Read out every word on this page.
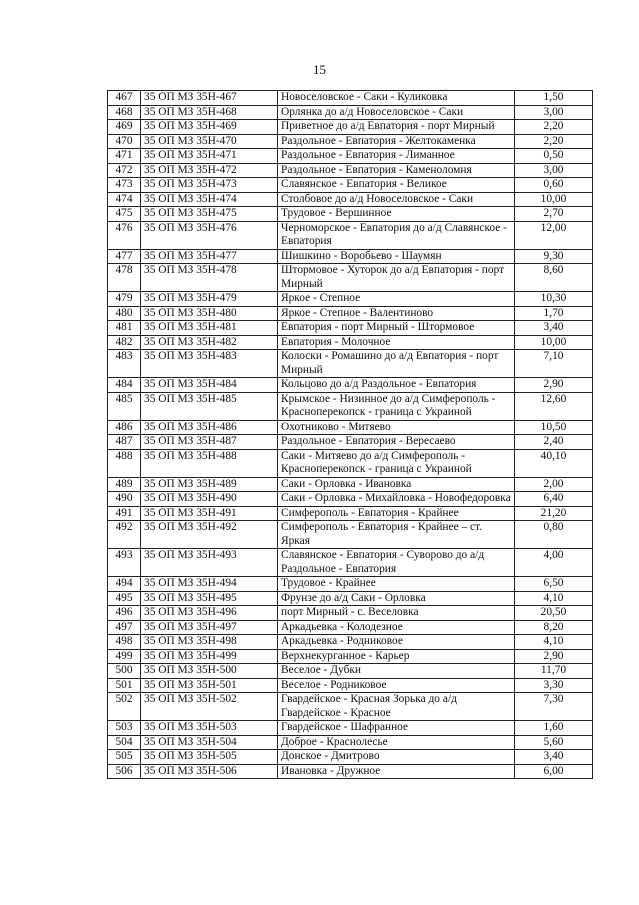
15
467	35 ОП МЗ 35Н-467	Новоселовское - Саки - Куликовка	1,50
468	35 ОП МЗ 35Н-468	Орлянка до а/д Новоселовское - Саки	3,00
469	35 ОП МЗ 35Н-469	Приветное до а/д Евпатория - порт Мирный	2,20
470	35 ОП МЗ 35Н-470	Раздольное - Евпатория - Желтокаменка	2,20
471	35 ОП МЗ 35Н-471	Раздольное - Евпатория - Лиманное	0,50
472	35 ОП МЗ 35Н-472	Раздольное - Евпатория - Каменоломня	3,00
473	35 ОП МЗ 35Н-473	Славянское - Евпатория - Великое	0,60
474	35 ОП МЗ 35Н-474	Столбовое до а/д Новоселовское - Саки	10,00
475	35 ОП МЗ 35Н-475	Трудовое - Вершинное	2,70
476	35 ОП МЗ 35Н-476	Черноморское - Евпатория до а/д Славянское - Евпатория	12,00
477	35 ОП МЗ 35Н-477	Шишкино - Воробьево - Шаумян	9,30
478	35 ОП МЗ 35Н-478	Штормовое - Хуторок до а/д Евпатория - порт Мирный	8,60
479	35 ОП МЗ 35Н-479	Яркое - Степное	10,30
480	35 ОП МЗ 35Н-480	Яркое - Степное - Валентиново	1,70
481	35 ОП МЗ 35Н-481	Евпатория - порт Мирный - Штормовое	3,40
482	35 ОП МЗ 35Н-482	Евпатория - Молочное	10,00
483	35 ОП МЗ 35Н-483	Колоски - Ромашино до а/д Евпатория - порт Мирный	7,10
484	35 ОП МЗ 35Н-484	Кольцово до а/д Раздольное - Евпатория	2,90
485	35 ОП МЗ 35Н-485	Крымское - Низинное до а/д Симферополь - Красноперекопск - граница с Украиной	12,60
486	35 ОП МЗ 35Н-486	Охотниково - Митяево	10,50
487	35 ОП МЗ 35Н-487	Раздольное - Евпатория - Вересаево	2,40
488	35 ОП МЗ 35Н-488	Саки - Митяево до а/д Симферополь - Красноперекопск - граница с Украиной	40,10
489	35 ОП МЗ 35Н-489	Саки - Орловка - Ивановка	2,00
490	35 ОП МЗ 35Н-490	Саки - Орловка - Михайловка - Новофедоровка	6,40
491	35 ОП МЗ 35Н-491	Симферополь - Евпатория - Крайнее	21,20
492	35 ОП МЗ 35Н-492	Симферополь - Евпатория - Крайнее – ст. Яркая	0,80
493	35 ОП МЗ 35Н-493	Славянское - Евпатория - Суворово до а/д Раздольное - Евпатория	4,00
494	35 ОП МЗ 35Н-494	Трудовое - Крайнее	6,50
495	35 ОП МЗ 35Н-495	Фрунзе до а/д Саки - Орловка	4,10
496	35 ОП МЗ 35Н-496	порт Мирный - с. Веселовка	20,50
497	35 ОП МЗ 35Н-497	Аркадьевка - Колодезное	8,20
498	35 ОП МЗ 35Н-498	Аркадьевка - Родниковое	4,10
499	35 ОП МЗ 35Н-499	Верхнекурганное - Карьер	2,90
500	35 ОП МЗ 35Н-500	Веселое - Дубки	11,70
501	35 ОП МЗ 35Н-501	Веселое - Родниковое	3,30
502	35 ОП МЗ 35Н-502	Гвардейское - Красная Зорька до а/д Гвардейское - Красное	7,30
503	35 ОП МЗ 35Н-503	Гвардейское - Шафранное	1,60
504	35 ОП МЗ 35Н-504	Доброе - Краснолесье	5,60
505	35 ОП МЗ 35Н-505	Донское - Дмитрово	3,40
506	35 ОП МЗ 35Н-506	Ивановка - Дружное	6,00
